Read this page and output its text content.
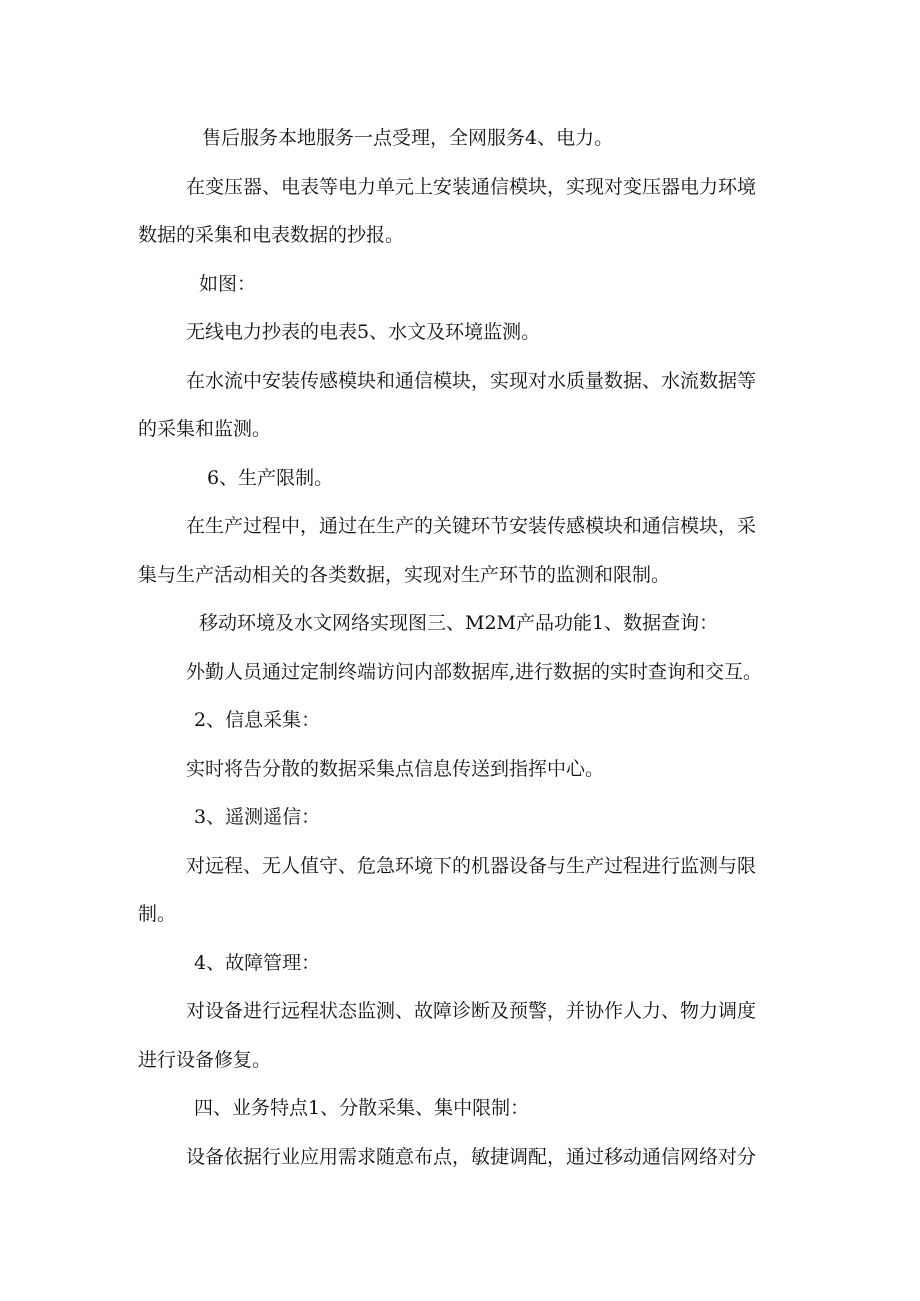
售后服务本地服务一点受理，全网服务4、电力。
在变压器、电表等电力单元上安装通信模块，实现对变压器电力环境
数据的采集和电表数据的抄报。
如图：
无线电力抄表的电表5、水文及环境监测。
在水流中安装传感模块和通信模块，实现对水质量数据、水流数据等
的采集和监测。
6、生产限制。
在生产过程中，通过在生产的关键环节安装传感模块和通信模块，采
集与生产活动相关的各类数据，实现对生产环节的监测和限制。
移动环境及水文网络实现图三、M2M产品功能1、数据查询：
外勤人员通过定制终端访问内部数据库,进行数据的实时查询和交互。
2、信息采集：
实时将告分散的数据采集点信息传送到指挥中心。
3、遥测遥信：
对远程、无人值守、危急环境下的机器设备与生产过程进行监测与限
制。
4、故障管理：
对设备进行远程状态监测、故障诊断及预警，并协作人力、物力调度
进行设备修复。
四、业务特点1、分散采集、集中限制：
设备依据行业应用需求随意布点，敏捷调配，通过移动通信网络对分
